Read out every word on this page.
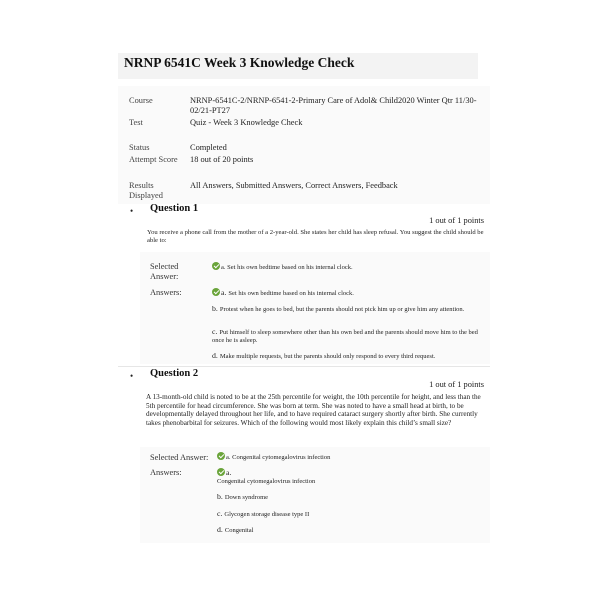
NRNP 6541C Week 3 Knowledge Check
Course	NRNP-6541C-2/NRNP-6541-2-Primary Care of Adol& Child2020 Winter Qtr 11/30-02/21-PT27
Test	Quiz - Week 3 Knowledge Check
Status	Completed
Attempt Score 18 out of 20 points
Results Displayed
All Answers, Submitted Answers, Correct Answers, Feedback
• Question 1
1 out of 1 points
You receive a phone call from the mother of a 2-year-old. She states her child has sleep refusal. You suggest the child should be able to:
Selected Answer:
a. Set his own bedtime based on his internal clock.
Answers:	a. Set his own bedtime based on his internal clock.
b. Protest when he goes to bed, but the parents should not pick him up or give him any attention.
c. Put himself to sleep somewhere other than his own bed and the parents should move him to the bed once he is asleep.
d. Make multiple requests, but the parents should only respond to every third request.
• Question 2
1 out of 1 points
A 13-month-old child is noted to be at the 25th percentile for weight, the 10th percentile for height, and less than the 5th percentile for head circumference. She was born at term. She was noted to have a small head at birth, to be developmentally delayed throughout her life, and to have required cataract surgery shortly after birth. She currently takes phenobarbital for seizures. Which of the following would most likely explain this child’s small size?
Selected Answer:	a. Congenital cytomegalovirus infection
Answers:	a.
Congenital cytomegalovirus infection
b. Down syndrome
c. Glycogen storage disease type II
d. Congenital
